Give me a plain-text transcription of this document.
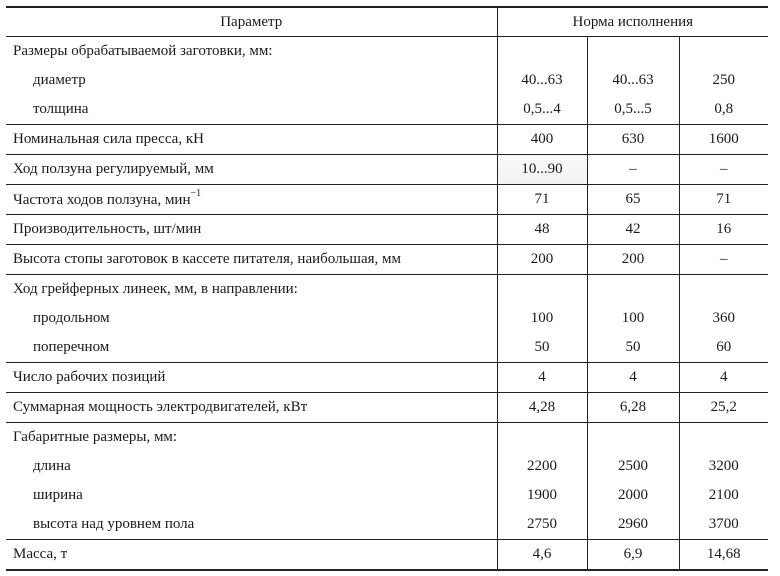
Параметр	Норма исполнения		
Размеры обрабатываемой заготовки, мм:			
диаметр	40...63	40...63	250
толщина	0,5...4	0,5...5	0,8
Номинальная сила пресса, кН	400	630	1600
Ход ползуна регулируемый, мм	10...90	–	–
Частота ходов ползуна, мин$^{-1}$	71	65	71
Производительность, шт/мин	48	42	16
Высота стопы заготовок в кассете питателя, наибольшая, мм	200	200	–
Ход грейферных линеек, мм, в направлении:			
продольном	100	100	360
поперечном	50	50	60
Число рабочих позиций	4	4	4
Суммарная мощность электродвигателей, кВт	4,28	6,28	25,2
Габаритные размеры, мм:			
длина	2200	2500	3200
ширина	1900	2000	2100
высота над уровнем пола	2750	2960	3700
Масса, т	4,6	6,9	14,68
